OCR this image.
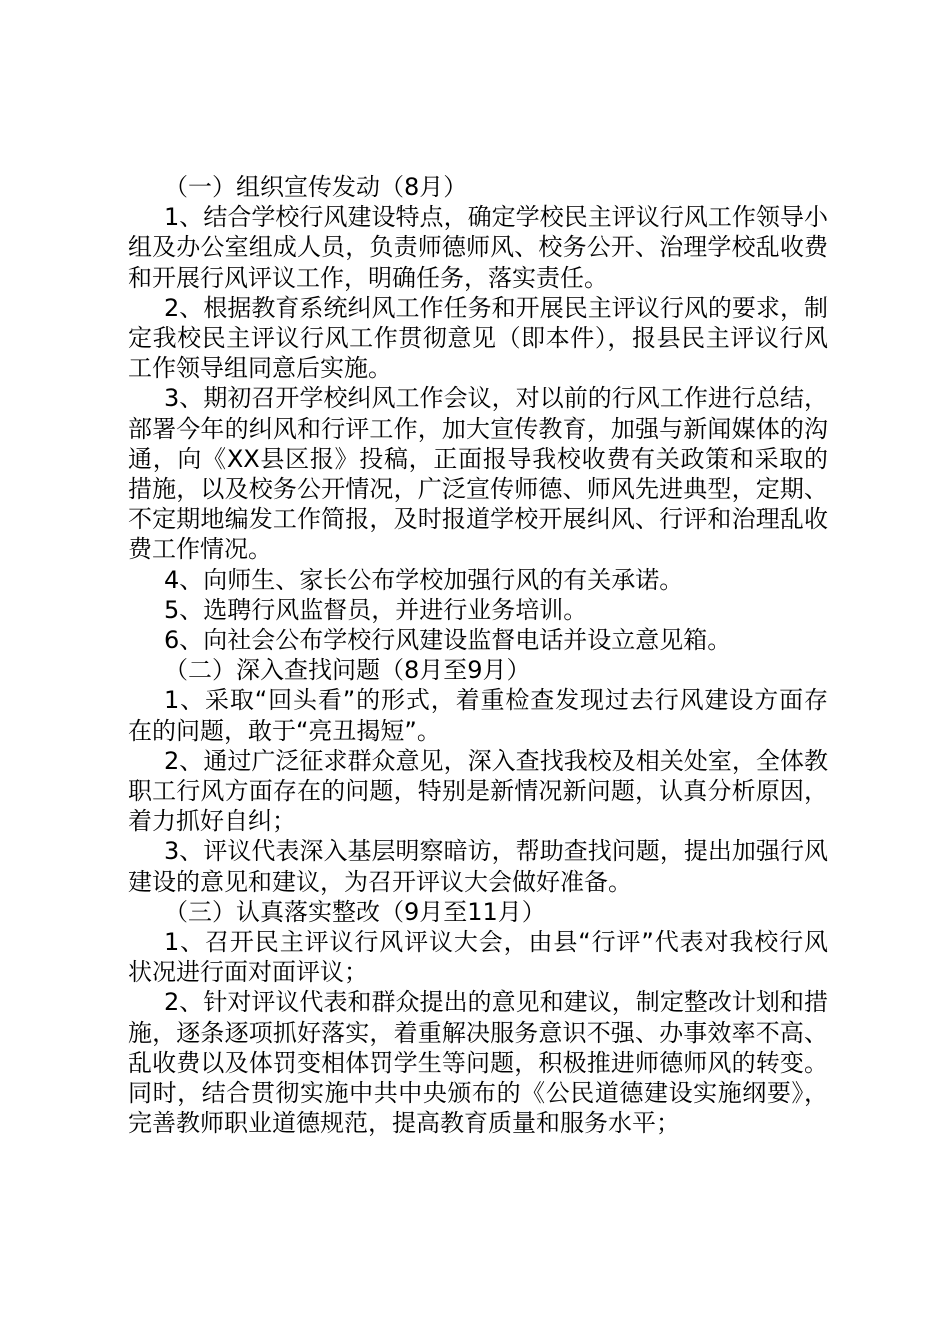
（一）组织宣传发动（8月）

1、结合学校行风建设特点，确定学校民主评议行风工作领导小组及办公室组成人员，负责师德师风、校务公开、治理学校乱收费和开展行风评议工作，明确任务，落实责任。

2、根据教育系统纠风工作任务和开展民主评议行风的要求，制定我校民主评议行风工作贯彻意见（即本件），报县民主评议行风工作领导组同意后实施。

3、期初召开学校纠风工作会议，对以前的行风工作进行总结，部署今年的纠风和行评工作，加大宣传教育，加强与新闻媒体的沟通，向《XX县区报》投稿，正面报导我校收费有关政策和采取的措施，以及校务公开情况，广泛宣传师德、师风先进典型，定期、不定期地编发工作简报，及时报道学校开展纠风、行评和治理乱收费工作情况。

4、向师生、家长公布学校加强行风的有关承诺。

5、选聘行风监督员，并进行业务培训。

6、向社会公布学校行风建设监督电话并设立意见箱。

（二）深入查找问题（8月至9月）

1、采取“回头看”的形式，着重检查发现过去行风建设方面存在的问题，敢于“亮丑揭短”。

2、通过广泛征求群众意见，深入查找我校及相关处室，全体教职工行风方面存在的问题，特别是新情况新问题，认真分析原因，着力抓好自纠；

3、评议代表深入基层明察暗访，帮助查找问题，提出加强行风建设的意见和建议，为召开评议大会做好准备。

（三）认真落实整改（9月至11月）

1、召开民主评议行风评议大会，由县“行评”代表对我校行风状况进行面对面评议；

2、针对评议代表和群众提出的意见和建议，制定整改计划和措施，逐条逐项抓好落实，着重解决服务意识不强、办事效率不高、乱收费以及体罚变相体罚学生等问题，积极推进师德师风的转变。同时，结合贯彻实施中共中央颁布的《公民道德建设实施纲要》，完善教师职业道德规范，提高教育质量和服务水平；
